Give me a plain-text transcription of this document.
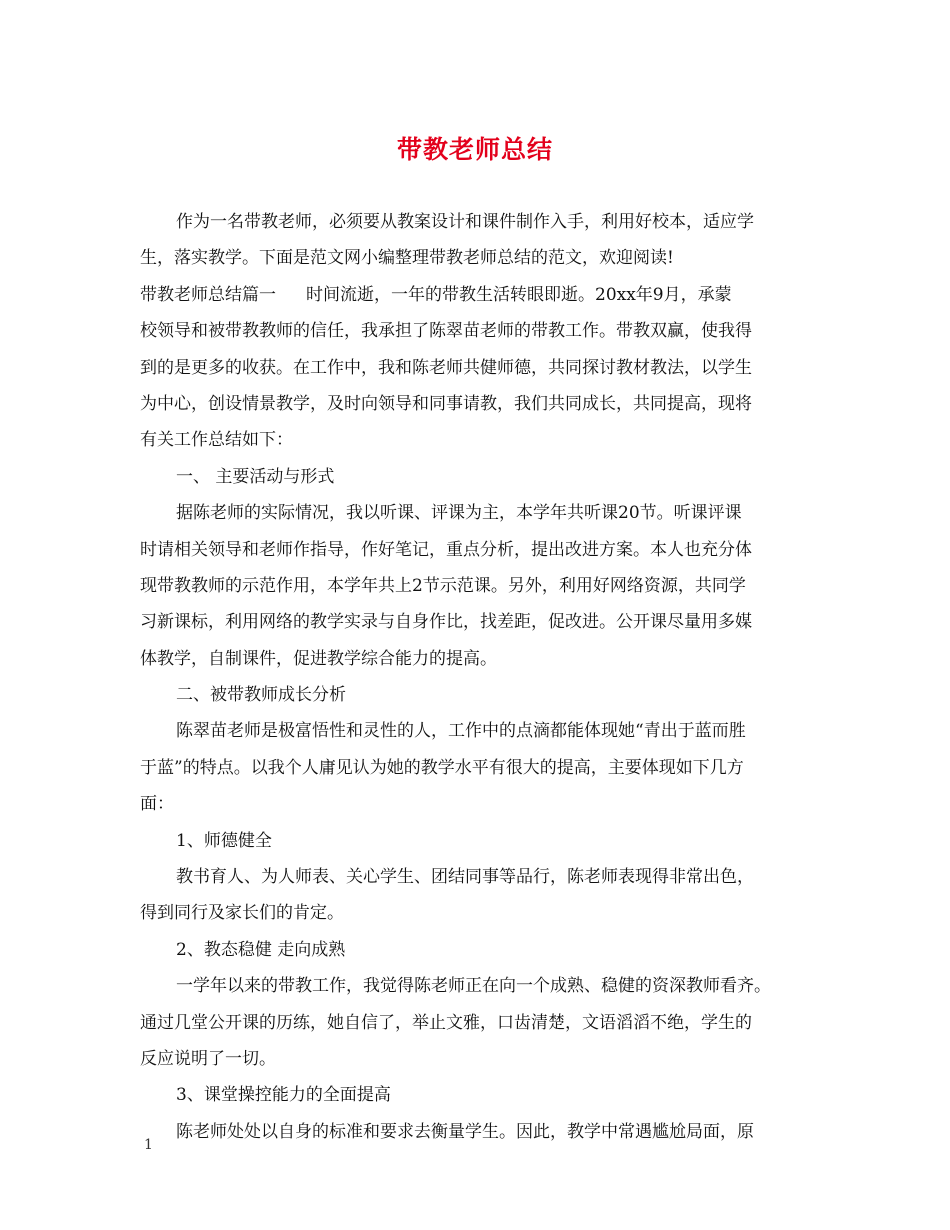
带教老师总结
作为一名带教老师，必须要从教案设计和课件制作入手，利用好校本，适应学
生，落实教学。下面是范文网小编整理带教老师总结的范文，欢迎阅读!
带教老师总结篇一 时间流逝，一年的带教生活转眼即逝。20xx年9月，承蒙
校领导和被带教教师的信任，我承担了陈翠苗老师的带教工作。带教双赢，使我得
到的是更多的收获。在工作中，我和陈老师共健师德，共同探讨教材教法，以学生
为中心，创设情景教学，及时向领导和同事请教，我们共同成长，共同提高，现将
有关工作总结如下：
一、 主要活动与形式
据陈老师的实际情况，我以听课、评课为主，本学年共听课20节。听课评课
时请相关领导和老师作指导，作好笔记，重点分析，提出改进方案。本人也充分体
现带教教师的示范作用，本学年共上2节示范课。另外，利用好网络资源，共同学
习新课标，利用网络的教学实录与自身作比，找差距，促改进。公开课尽量用多媒
体教学，自制课件，促进教学综合能力的提高。
二、被带教师成长分析
陈翠苗老师是极富悟性和灵性的人，工作中的点滴都能体现她“青出于蓝而胜
于蓝”的特点。以我个人庸见认为她的教学水平有很大的提高，主要体现如下几方
面：
1、师德健全
教书育人、为人师表、关心学生、团结同事等品行，陈老师表现得非常出色，
得到同行及家长们的肯定。
2、教态稳健 走向成熟
一学年以来的带教工作，我觉得陈老师正在向一个成熟、稳健的资深教师看齐。
通过几堂公开课的历练，她自信了，举止文雅，口齿清楚，文语滔滔不绝，学生的
反应说明了一切。
3、课堂操控能力的全面提高
陈老师处处以自身的标准和要求去衡量学生。因此，教学中常遇尴尬局面，原
1
